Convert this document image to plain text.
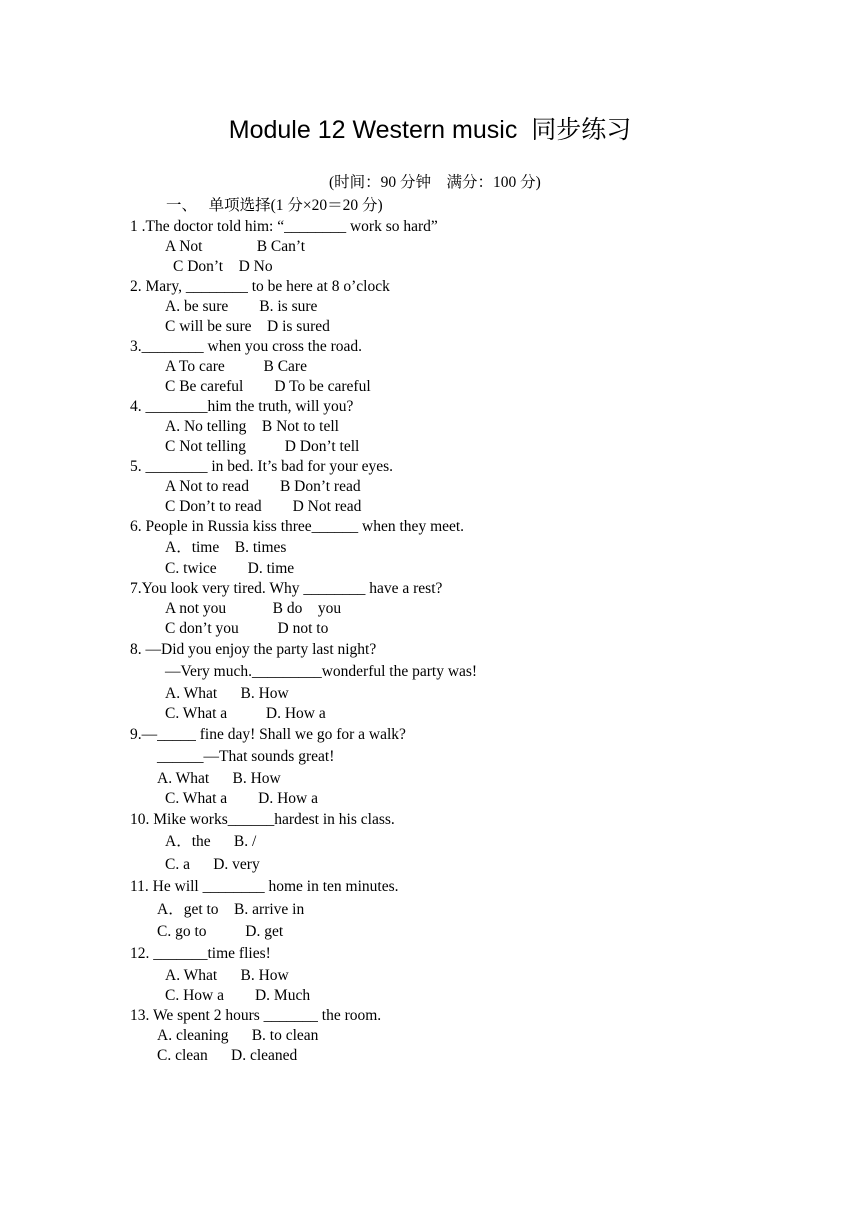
Module 12 Western music  同步练习
(时间：90 分钟    满分：100 分)
一、   单项选择(1 分×20＝20 分)
1 .The doctor told him: “________ work so hard”
A Not              B Can’t
C Don’t    D No
2. Mary, ________ to be here at 8 o’clock
A. be sure        B. is sure
C will be sure    D is sured
3.________ when you cross the road.
A To care          B Care
C Be careful        D To be careful
4. ________him the truth, will you?
A. No telling    B Not to tell
C Not telling          D Don’t tell
5. ________ in bed. It’s bad for your eyes.
A Not to read        B Don’t read
C Don’t to read        D Not read
6. People in Russia kiss three______ when they meet.
A．time    B. times
C. twice        D. time
7.You look very tired. Why ________ have a rest?
A not you            B do    you
C don’t you          D not to
8. —Did you enjoy the party last night?
—Very much._________wonderful the party was!
A. What      B. How
C. What a          D. How a
9.—_____ fine day! Shall we go for a walk?
______—That sounds great!
A. What      B. How
C. What a        D. How a
10. Mike works______hardest in his class.
A．the      B. /
C. a      D. very
11. He will ________ home in ten minutes.
A．get to    B. arrive in
C. go to          D. get
12. _______time flies!
A. What      B. How
C. How a        D. Much
13. We spent 2 hours _______ the room.
A. cleaning      B. to clean
C. clean      D. cleaned
